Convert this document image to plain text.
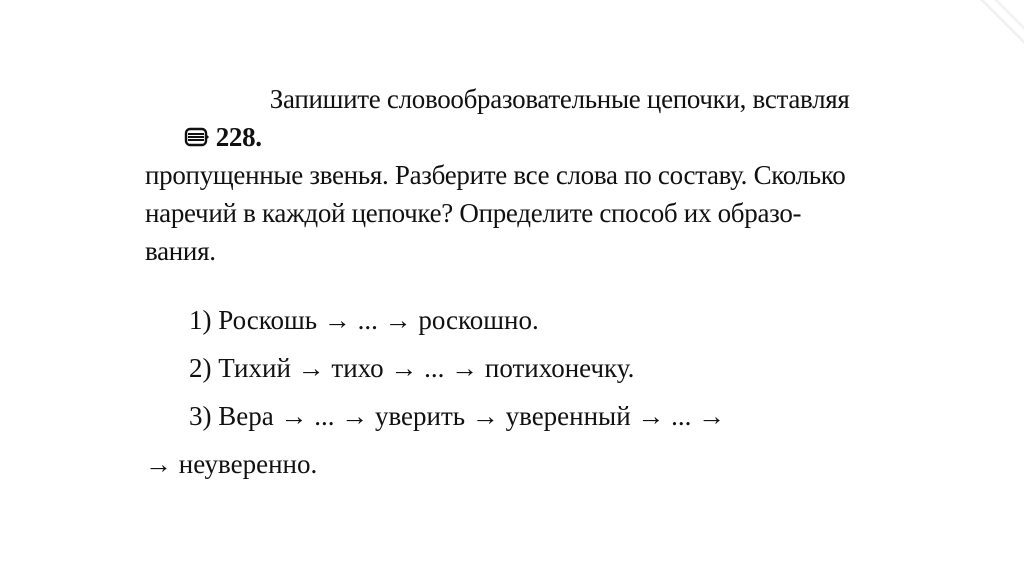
228.
Запишите словообразовательные цепочки, вставляя
пропущенные звенья. Разберите все слова по составу. Сколько
наречий в каждой цепочке? Определите способ их образо-
вания.
1) Роскошь → ... → роскошно.
2) Тихий → тихо → ... → потихонечку.
3) Вера → ... → уверить → уверенный → ... →
→ неуверенно.
